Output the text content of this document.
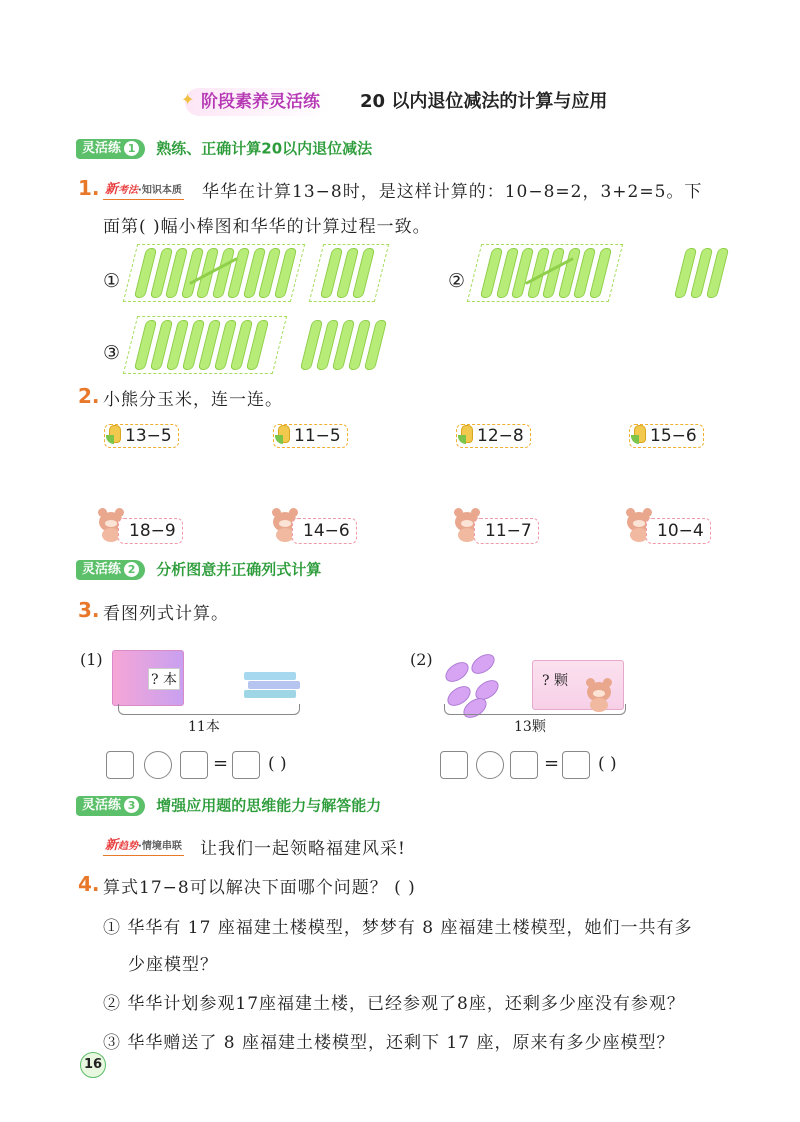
✦ 阶段素养灵活练	20 以内退位减法的计算与应用
灵活练 1 熟练、正确计算20以内退位减法
1. 新考法·知识本质 华华在计算13−8时，是这样计算的：10−8=2，3+2=5。下
面第( )幅小棒图和华华的计算过程一致。
①	②
③
2. 小熊分玉米，连一连。
13−5	11−5	12−8	15−6
18−9	14−6	11−7	10−4
灵活练 2 分析图意并正确列式计算
3. 看图列式计算。
(1)
? 本
11本
= ( )
(2)
? 颗
13颗
= ( )
灵活练 3 增强应用题的思维能力与解答能力
新趋势·情境串联 让我们一起领略福建风采!
4. 算式17−8可以解决下面哪个问题？ ( )
① 华华有 17 座福建土楼模型，梦梦有 8 座福建土楼模型，她们一共有多
少座模型？
② 华华计划参观17座福建土楼，已经参观了8座，还剩多少座没有参观？
③ 华华赠送了 8 座福建土楼模型，还剩下 17 座，原来有多少座模型？
16
